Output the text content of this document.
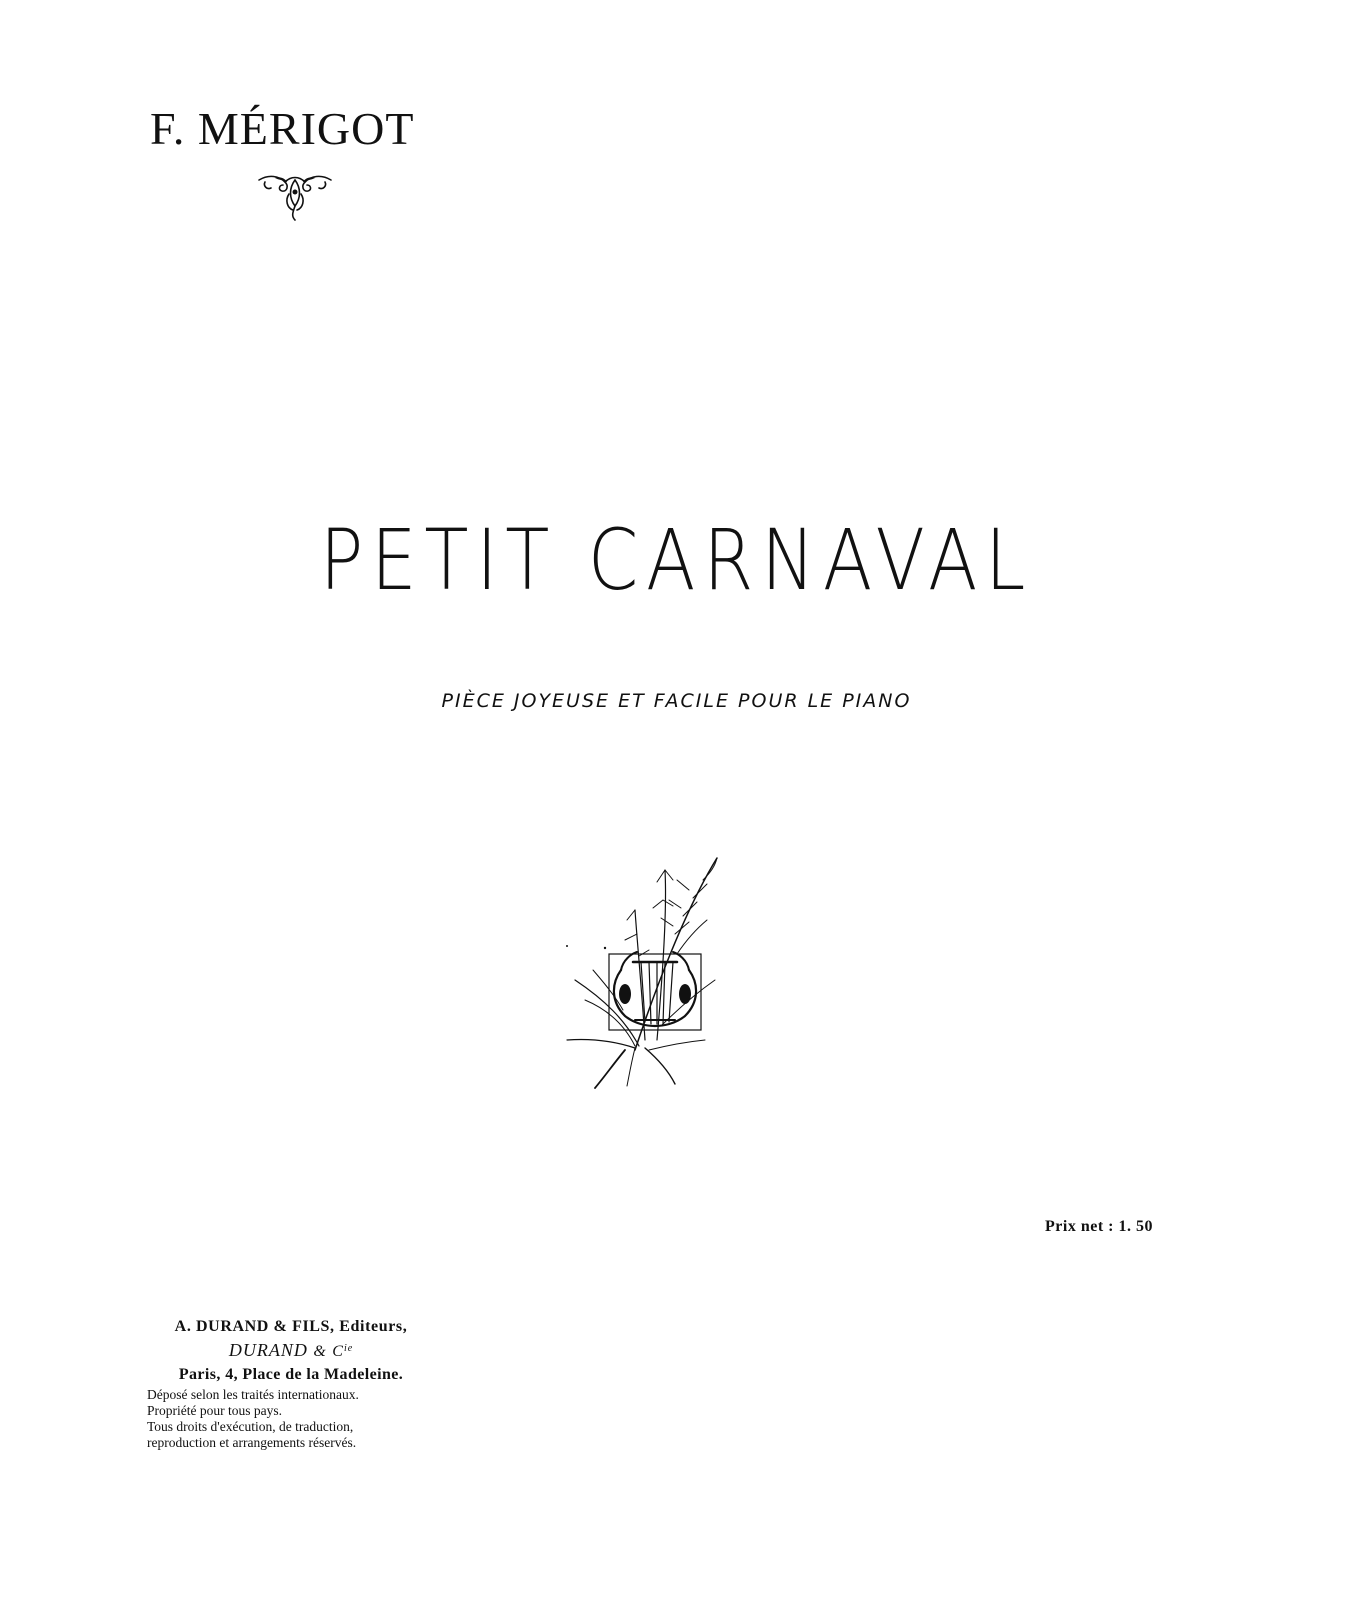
F. MÉRIGOT
PETIT CARNAVAL
PIÈCE JOYEUSE ET FACILE POUR LE PIANO
Prix net : 1. 50
A. DURAND & FILS, Editeurs,
DURAND & $C^{ie}$
Paris, 4, Place de la Madeleine.
Déposé selon les traités internationaux.
Propriété pour tous pays.
Tous droits d'exécution, de traduction,
reproduction et arrangements réservés.
